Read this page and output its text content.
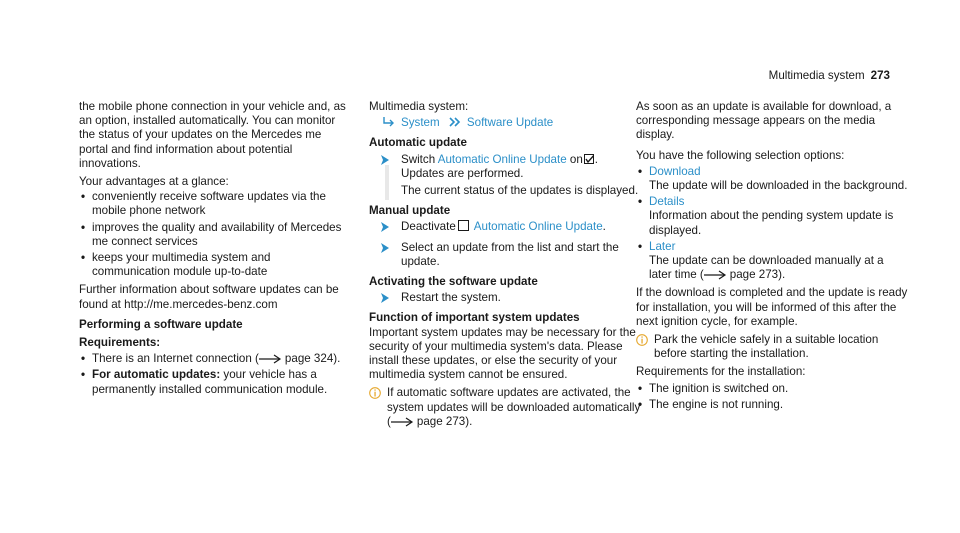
Multimedia system 273

the mobile phone connection in your vehicle and, as an option, installed automatically. You can monitor the status of your updates on the Mercedes me portal and find information about potential innovations.

Your advantages at a glance:

• conveniently receive software updates via the mobile phone network
• improves the quality and availability of Mercedes me connect services
• keeps your multimedia system and communication module up-to-date

Further information about software updates can be found at http://me.mercedes-benz.com

Performing a software update
Requirements:
• There is an Internet connection ( page 324).
• For automatic updates: your vehicle has a permanently installed communication module.

Multimedia system:

System Software Update
Automatic update
Switch Automatic Online Update on .
Updates are performed.
The current status of the updates is displayed.
Manual update
Deactivate Automatic Online Update.
Select an update from the list and start the update.
Activating the software update
Restart the system.
Function of important system updates

Important system updates may be necessary for the security of your multimedia system's data. Please install these updates, or else the security of your multimedia system cannot be ensured.

If automatic software updates are activated, the system updates will be downloaded automatically ( page 273).

As soon as an update is available for download, a corresponding message appears on the media display.

You have the following selection options:

• Download
The update will be downloaded in the background.
• Details
Information about the pending system update is displayed.
• Later
The update can be downloaded manually at a later time ( page 273).

If the download is completed and the update is ready for installation, you will be informed of this after the next ignition cycle, for example.

Park the vehicle safely in a suitable location before starting the installation.

Requirements for the installation:

• The ignition is switched on.
• The engine is not running.
